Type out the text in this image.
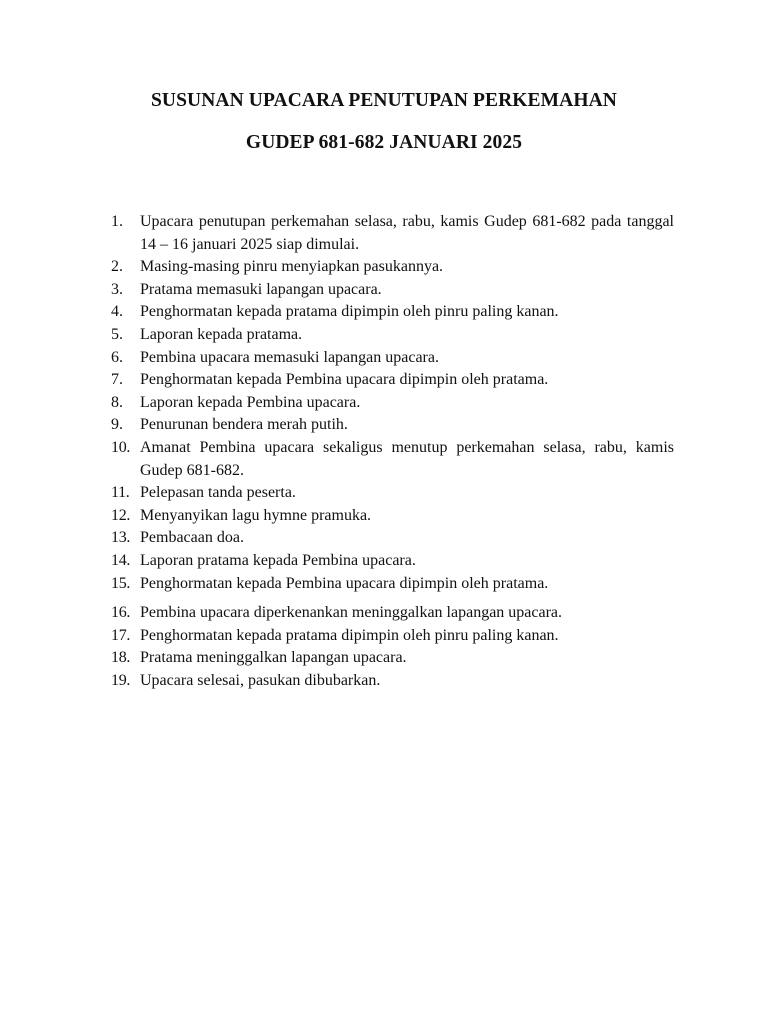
SUSUNAN UPACARA PENUTUPAN PERKEMAHAN
GUDEP 681-682 JANUARI 2025
1.	Upacara penutupan perkemahan selasa, rabu, kamis Gudep 681-682 pada tanggal 14 – 16 januari 2025 siap dimulai.
2.	Masing-masing pinru menyiapkan pasukannya.
3.	Pratama memasuki lapangan upacara.
4.	Penghormatan kepada pratama dipimpin oleh pinru paling kanan.
5.	Laporan kepada pratama.
6.	Pembina upacara memasuki lapangan upacara.
7.	Penghormatan kepada Pembina upacara dipimpin oleh pratama.
8.	Laporan kepada Pembina upacara.
9.	Penurunan bendera merah putih.
10. Amanat Pembina upacara sekaligus menutup perkemahan selasa, rabu, kamis Gudep 681-682.
11. Pelepasan tanda peserta.
12. Menyanyikan lagu hymne pramuka.
13. Pembacaan doa.
14. Laporan pratama kepada Pembina upacara.
15. Penghormatan kepada Pembina upacara dipimpin oleh pratama.
16. Pembina upacara diperkenankan meninggalkan lapangan upacara.
17. Penghormatan kepada pratama dipimpin oleh pinru paling kanan.
18. Pratama meninggalkan lapangan upacara.
19. Upacara selesai, pasukan dibubarkan.
